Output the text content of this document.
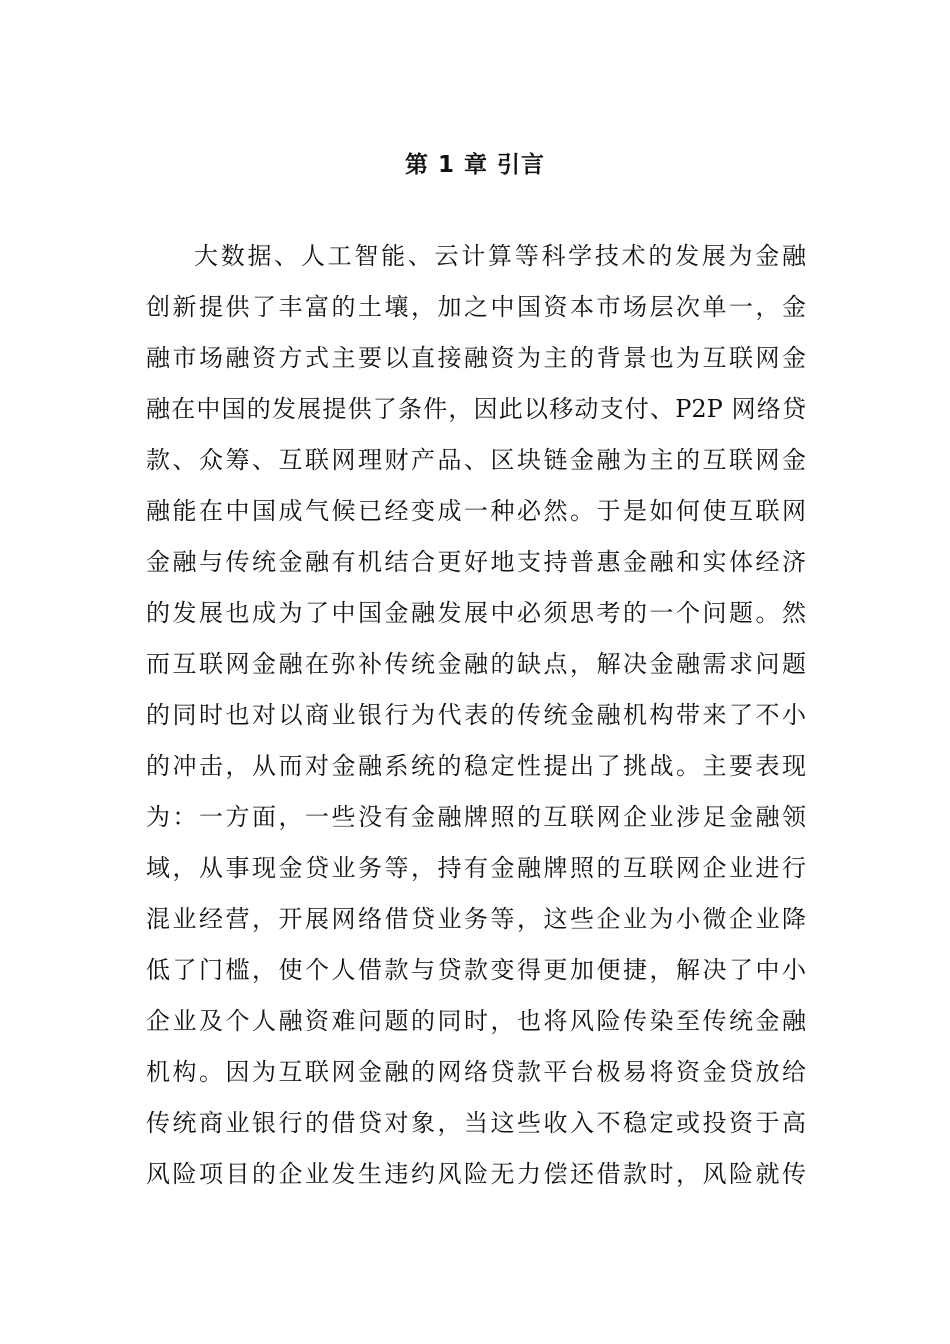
第 1 章 引言
大数据、人工智能、云计算等科学技术的发展为金融
创新提供了丰富的土壤，加之中国资本市场层次单一，金
融市场融资方式主要以直接融资为主的背景也为互联网金
融在中国的发展提供了条件，因此以移动支付、P2P 网络贷
款、众筹、互联网理财产品、区块链金融为主的互联网金
融能在中国成气候已经变成一种必然。于是如何使互联网
金融与传统金融有机结合更好地支持普惠金融和实体经济
的发展也成为了中国金融发展中必须思考的一个问题。然
而互联网金融在弥补传统金融的缺点，解决金融需求问题
的同时也对以商业银行为代表的传统金融机构带来了不小
的冲击，从而对金融系统的稳定性提出了挑战。主要表现
为：一方面，一些没有金融牌照的互联网企业涉足金融领
域，从事现金贷业务等，持有金融牌照的互联网企业进行
混业经营，开展网络借贷业务等，这些企业为小微企业降
低了门槛，使个人借款与贷款变得更加便捷，解决了中小
企业及个人融资难问题的同时，也将风险传染至传统金融
机构。因为互联网金融的网络贷款平台极易将资金贷放给
传统商业银行的借贷对象，当这些收入不稳定或投资于高
风险项目的企业发生违约风险无力偿还借款时，风险就传
